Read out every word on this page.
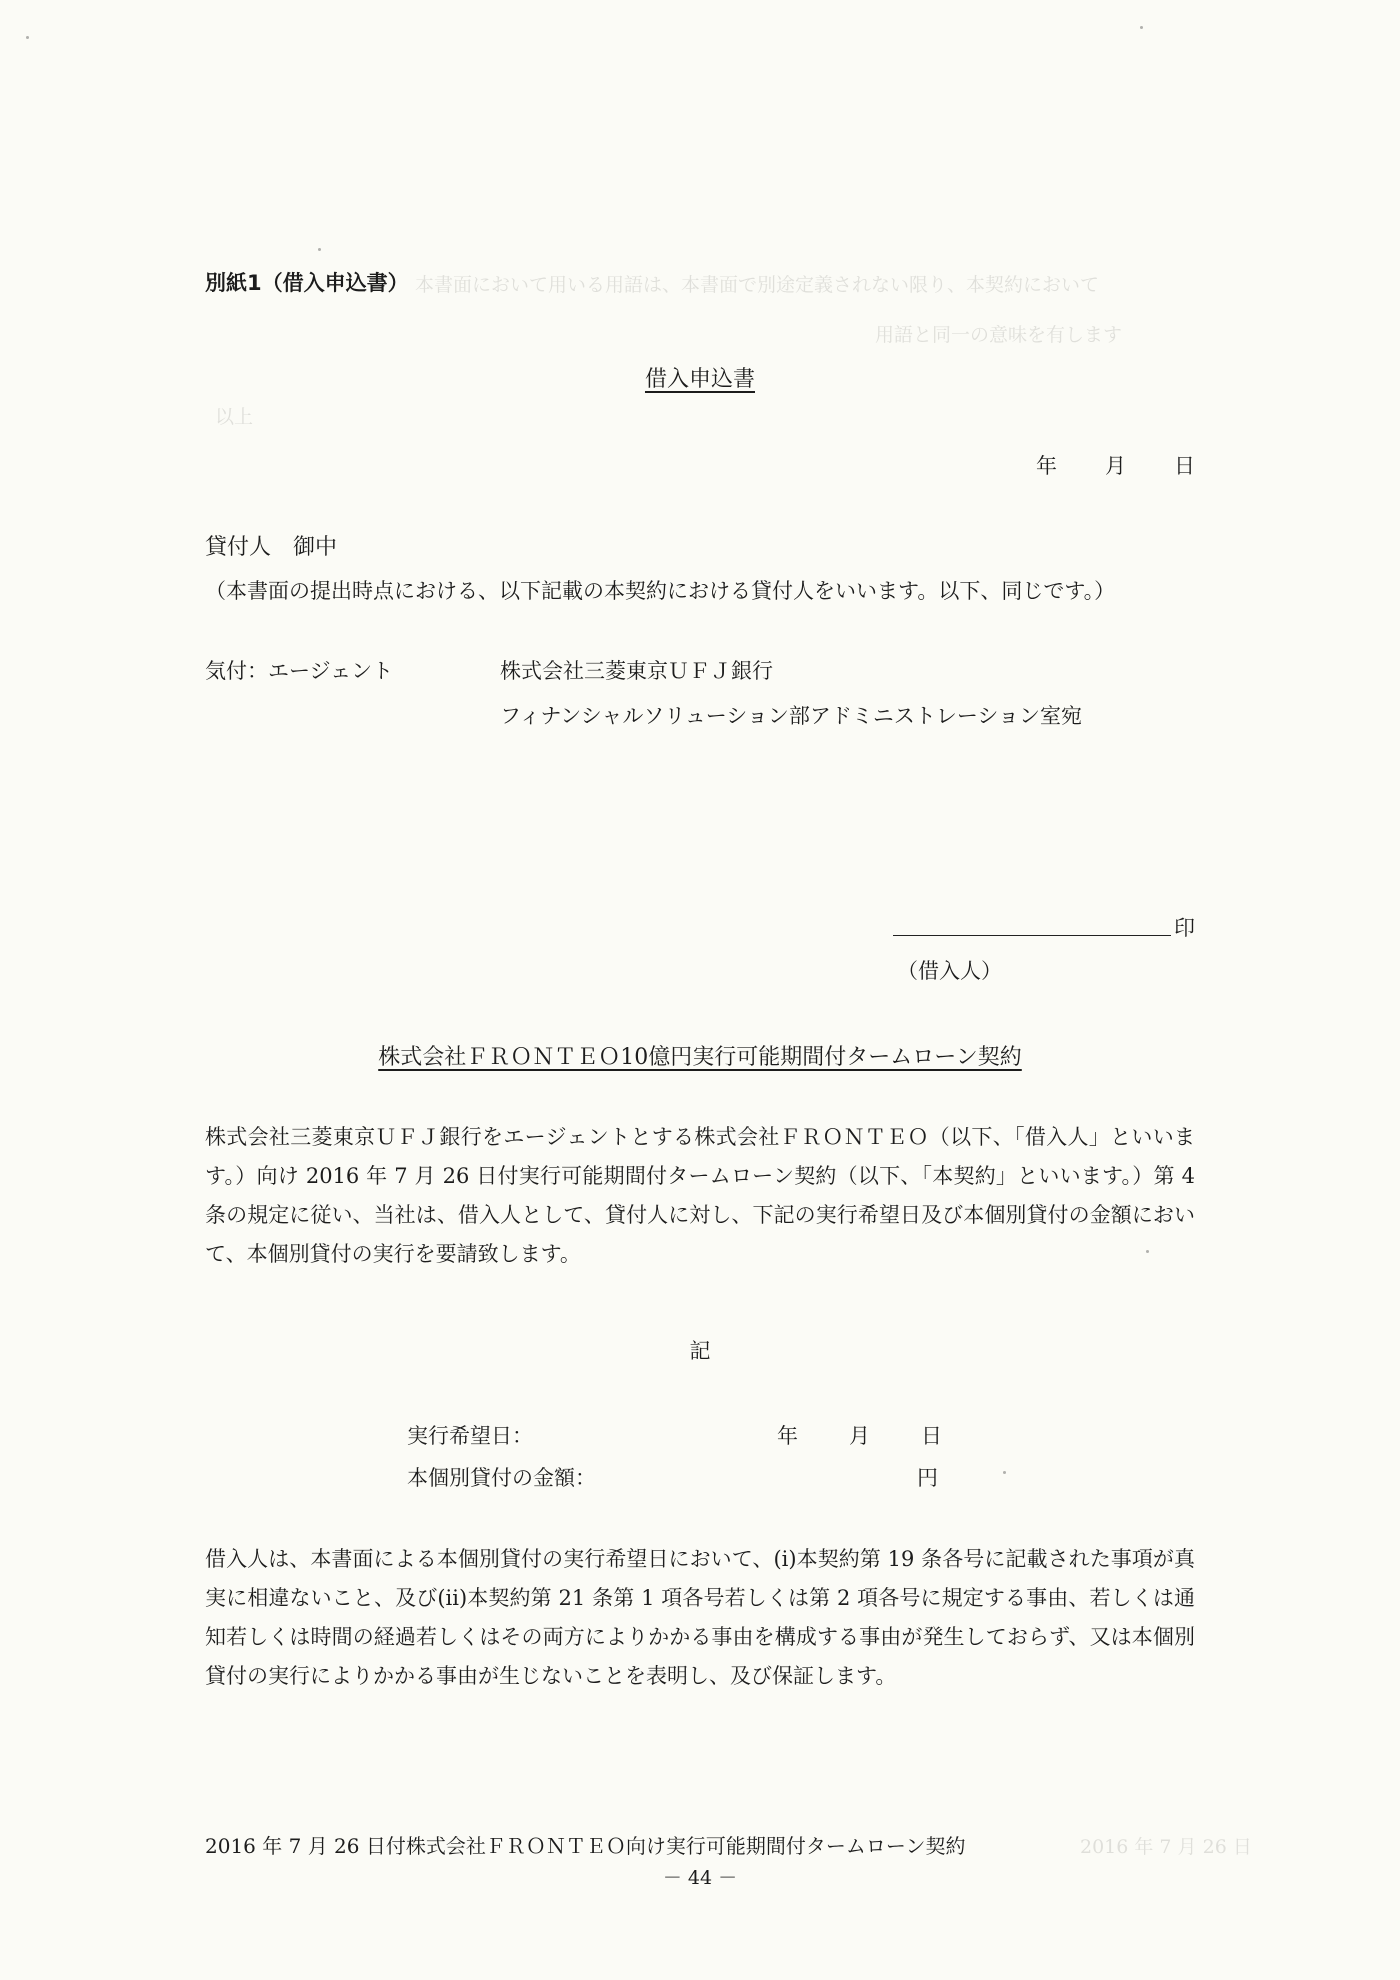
本書面において用いる用語は、本書面で別途定義されない限り、本契約において
用語と同一の意味を有します
以上
2016 年 7 月 26 日
別紙1（借入申込書）
借入申込書
年 月 日
貸付人　御中
（本書面の提出時点における、以下記載の本契約における貸付人をいいます。以下、同じです。）
気付：エージェント	株式会社三菱東京ＵＦＪ銀行
フィナンシャルソリューション部アドミニストレーション室宛
印
（借入人）
株式会社ＦＲＯＮＴＥＯ10億円実行可能期間付タームローン契約
株式会社三菱東京ＵＦＪ銀行をエージェントとする株式会社ＦＲＯＮＴＥＯ（以下、「借入人」といいます。）向け 2016 年 7 月 26 日付実行可能期間付タームローン契約（以下、「本契約」といいます。）第 4 条の規定に従い、当社は、借入人として、貸付人に対し、下記の実行希望日及び本個別貸付の金額において、本個別貸付の実行を要請致します。
記
実行希望日：	年 月 日
本個別貸付の金額：	円
借入人は、本書面による本個別貸付の実行希望日において、(i)本契約第 19 条各号に記載された事項が真実に相違ないこと、及び(ii)本契約第 21 条第 1 項各号若しくは第 2 項各号に規定する事由、若しくは通知若しくは時間の経過若しくはその両方によりかかる事由を構成する事由が発生しておらず、又は本個別貸付の実行によりかかる事由が生じないことを表明し、及び保証します。
2016 年 7 月 26 日付株式会社ＦＲＯＮＴＥＯ向け実行可能期間付タームローン契約
－ 44 －
